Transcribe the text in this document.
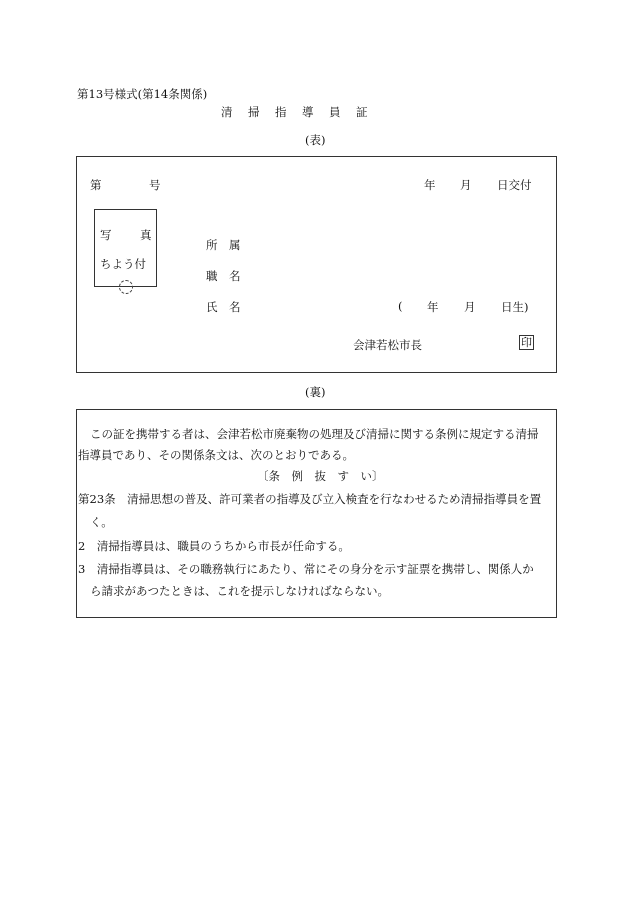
第13号様式(第14条関係)
清　掃　指　導　員　証
(表)
第	号	年 月 日交付
写 真
ちよう付
所　属
職　名
氏　名	( 年 月 日生)
会津若松市長	印
(裏)
この証を携帯する者は、会津若松市廃棄物の処理及び清掃に関する条例に規定する清掃
指導員であり、その関係条文は、次のとおりである。
〔条　例　抜　す　い〕
第23条　清掃思想の普及、許可業者の指導及び立入検査を行なわせるため清掃指導員を置
く。
2　清掃指導員は、職員のうちから市長が任命する。
3　清掃指導員は、その職務執行にあたり、常にその身分を示す証票を携帯し、関係人か
ら請求があつたときは、これを提示しなければならない。
